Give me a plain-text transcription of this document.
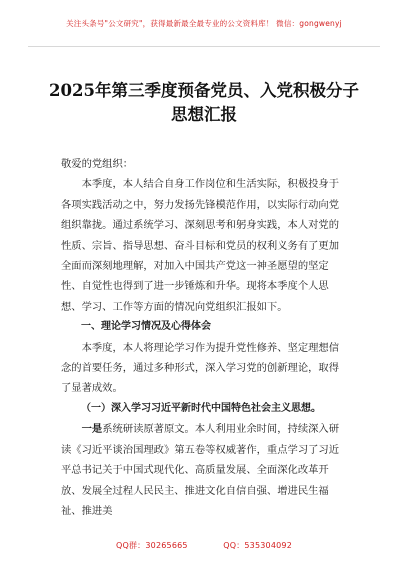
关注头条号"公文研究"，获得最新最全最专业的公文资料库！ 微信：gongwenyj
2025年第三季度预备党员、入党积极分子
思想汇报

敬爱的党组织：

本季度，本人结合自身工作岗位和生活实际，积极投身于各项实践活动之中，努力发扬先锋模范作用，以实际行动向党组织靠拢。通过系统学习、深刻思考和躬身实践，本人对党的性质、宗旨、指导思想、奋斗目标和党员的权利义务有了更加全面而深刻地理解，对加入中国共产党这一神圣愿望的坚定性、自觉性也得到了进一步锤炼和升华。现将本季度个人思想、学习、工作等方面的情况向党组织汇报如下。

一、理论学习情况及心得体会

本季度，本人将理论学习作为提升党性修养、坚定理想信念的首要任务，通过多种形式，深入学习党的创新理论，取得了显著成效。

（一）深入学习习近平新时代中国特色社会主义思想。

一是系统研读原著原文。本人利用业余时间，持续深入研读《习近平谈治国理政》第五卷等权威著作，重点学习了习近平总书记关于中国式现代化、高质量发展、全面深化改革开放、发展全过程人民民主、推进文化自信自强、增进民生福祉、推进美

QQ群：30265665	QQ：535304092
